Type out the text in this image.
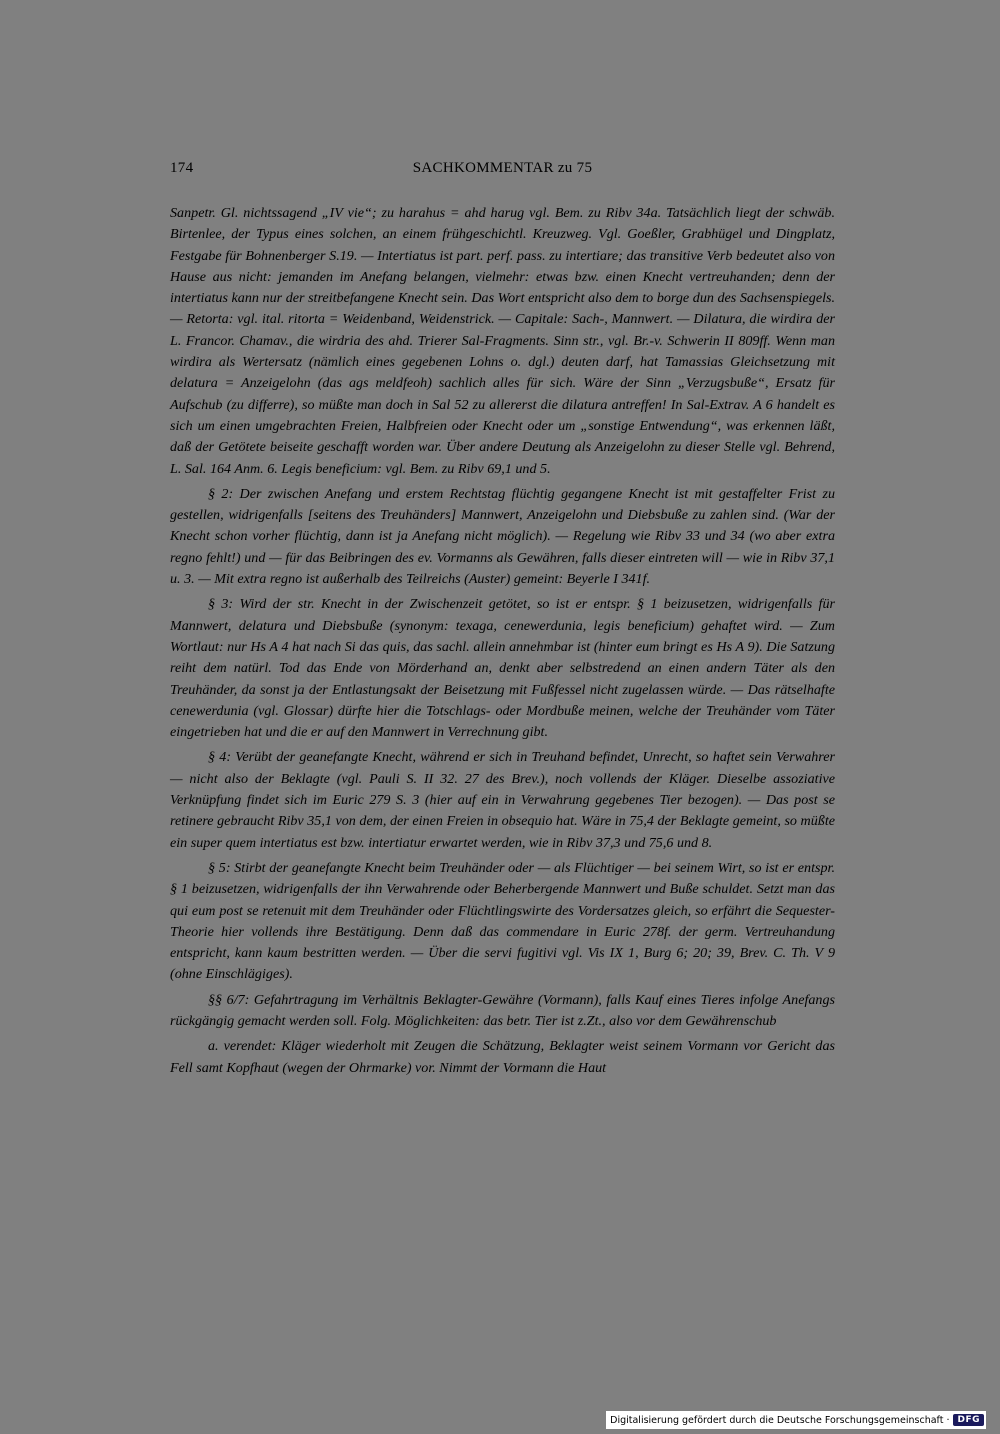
174	SACHKOMMENTAR zu 75

Sanpetr. Gl. nichtssagend „IV vie“; zu harahus = ahd harug vgl. Bem. zu Ribv 34a. Tatsächlich liegt der schwäb. Birtenlee, der Typus eines solchen, an einem frühgeschichtl. Kreuzweg. Vgl. Goeßler, Grabhügel und Dingplatz, Festgabe für Bohnenberger S.19. — Intertiatus ist part. perf. pass. zu intertiare; das transitive Verb bedeutet also von Hause aus nicht: jemanden im Anefang belangen, vielmehr: etwas bzw. einen Knecht vertreuhanden; denn der intertiatus kann nur der streitbefangene Knecht sein. Das Wort entspricht also dem to borge dun des Sachsenspiegels. — Retorta: vgl. ital. ritorta = Weidenband, Weidenstrick. — Capitale: Sach-, Mannwert. — Dilatura, die wirdira der L. Francor. Chamav., die wirdria des ahd. Trierer Sal-Fragments. Sinn str., vgl. Br.-v. Schwerin II 809ff. Wenn man wirdira als Wertersatz (nämlich eines gegebenen Lohns o. dgl.) deuten darf, hat Tamassias Gleichsetzung mit delatura = Anzeigelohn (das ags meldfeoh) sachlich alles für sich. Wäre der Sinn „Verzugsbuße“, Ersatz für Aufschub (zu differre), so müßte man doch in Sal 52 zu allererst die dilatura antreffen! In Sal-Extrav. A 6 handelt es sich um einen umgebrachten Freien, Halbfreien oder Knecht oder um „sonstige Entwendung“, was erkennen läßt, daß der Getötete beiseite geschafft worden war. Über andere Deutung als Anzeigelohn zu dieser Stelle vgl. Behrend, L. Sal. 164 Anm. 6. Legis beneficium: vgl. Bem. zu Ribv 69,1 und 5.

§ 2: Der zwischen Anefang und erstem Rechtstag flüchtig gegangene Knecht ist mit gestaffelter Frist zu gestellen, widrigenfalls [seitens des Treuhänders] Mannwert, Anzeigelohn und Diebsbuße zu zahlen sind. (War der Knecht schon vorher flüchtig, dann ist ja Anefang nicht möglich). — Regelung wie Ribv 33 und 34 (wo aber extra regno fehlt!) und — für das Beibringen des ev. Vormanns als Gewähren, falls dieser eintreten will — wie in Ribv 37,1 u. 3. — Mit extra regno ist außerhalb des Teilreichs (Auster) gemeint: Beyerle I 341f.

§ 3: Wird der str. Knecht in der Zwischenzeit getötet, so ist er entspr. § 1 beizusetzen, widrigenfalls für Mannwert, delatura und Diebsbuße (synonym: texaga, cenewerdunia, legis beneficium) gehaftet wird. — Zum Wortlaut: nur Hs A 4 hat nach Si das quis, das sachl. allein annehmbar ist (hinter eum bringt es Hs A 9). Die Satzung reiht dem natürl. Tod das Ende von Mörderhand an, denkt aber selbstredend an einen andern Täter als den Treuhänder, da sonst ja der Entlastungsakt der Beisetzung mit Fußfessel nicht zugelassen würde. — Das rätselhafte cenewerdunia (vgl. Glossar) dürfte hier die Totschlags- oder Mordbuße meinen, welche der Treuhänder vom Täter eingetrieben hat und die er auf den Mannwert in Verrechnung gibt.

§ 4: Verübt der geanefangte Knecht, während er sich in Treuhand befindet, Unrecht, so haftet sein Verwahrer — nicht also der Beklagte (vgl. Pauli S. II 32. 27 des Brev.), noch vollends der Kläger. Dieselbe assoziative Verknüpfung findet sich im Euric 279 S. 3 (hier auf ein in Verwahrung gegebenes Tier bezogen). — Das post se retinere gebraucht Ribv 35,1 von dem, der einen Freien in obsequio hat. Wäre in 75,4 der Beklagte gemeint, so müßte ein super quem intertiatus est bzw. intertiatur erwartet werden, wie in Ribv 37,3 und 75,6 und 8.

§ 5: Stirbt der geanefangte Knecht beim Treuhänder oder — als Flüchtiger — bei seinem Wirt, so ist er entspr. § 1 beizusetzen, widrigenfalls der ihn Verwahrende oder Beherbergende Mannwert und Buße schuldet. Setzt man das qui eum post se retenuit mit dem Treuhänder oder Flüchtlingswirte des Vordersatzes gleich, so erfährt die Sequester-Theorie hier vollends ihre Bestätigung. Denn daß das commendare in Euric 278f. der germ. Vertreuhandung entspricht, kann kaum bestritten werden. — Über die servi fugitivi vgl. Vis IX 1, Burg 6; 20; 39, Brev. C. Th. V 9 (ohne Einschlägiges).

§§ 6/7: Gefahrtragung im Verhältnis Beklagter-Gewähre (Vormann), falls Kauf eines Tieres infolge Anefangs rückgängig gemacht werden soll. Folg. Möglichkeiten: das betr. Tier ist z.Zt., also vor dem Gewährenschub

a. verendet: Kläger wiederholt mit Zeugen die Schätzung, Beklagter weist seinem Vormann vor Gericht das Fell samt Kopfhaut (wegen der Ohrmarke) vor. Nimmt der Vormann die Haut

Digitalisierung gefördert durch die Deutsche Forschungsgemeinschaft · DFG
